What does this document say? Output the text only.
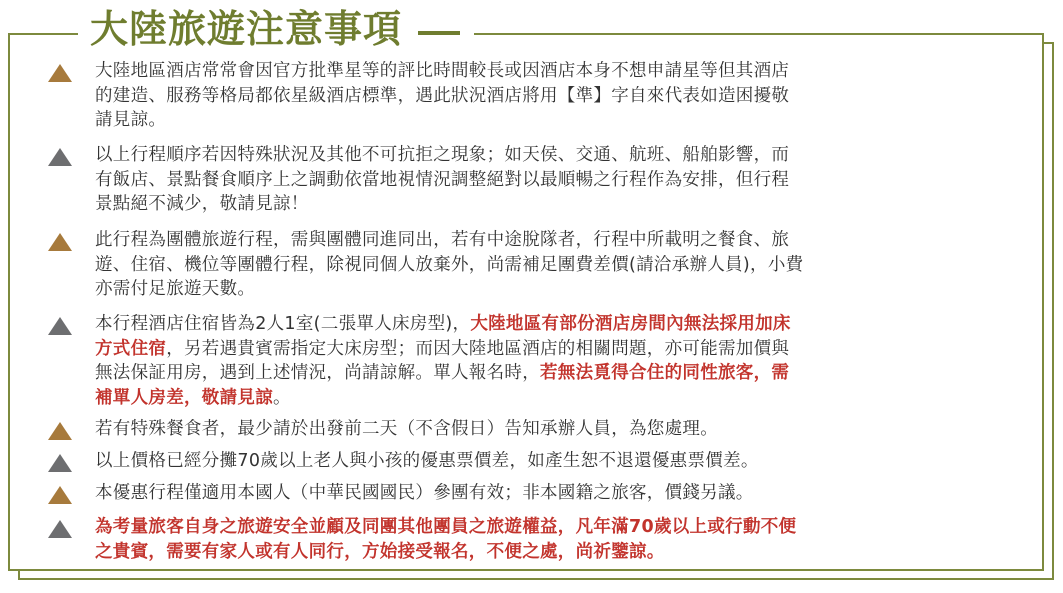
大陸旅遊注意事項
大陸地區酒店常常會因官方批準星等的評比時間較長或因酒店本身不想申請星等但其酒店
的建造、服務等格局都依星級酒店標準，遇此狀況酒店將用【準】字自來代表如造困擾敬
請見諒。
以上行程順序若因特殊狀況及其他不可抗拒之現象；如天侯、交通、航班、船舶影響，而
有飯店、景點餐食順序上之調動依當地視情況調整絕對以最順暢之行程作為安排，但行程
景點絕不減少，敬請見諒！
此行程為團體旅遊行程，需與團體同進同出，若有中途脫隊者，行程中所載明之餐食、旅
遊、住宿、機位等團體行程，除視同個人放棄外，尚需補足團費差價(請洽承辦人員)，小費
亦需付足旅遊天數。
本行程酒店住宿皆為2人1室(二張單人床房型)，大陸地區有部份酒店房間內無法採用加床
方式住宿，另若遇貴賓需指定大床房型；而因大陸地區酒店的相關問題，亦可能需加價與
無法保証用房，遇到上述情況，尚請諒解。單人報名時，若無法覓得合住的同性旅客，需
補單人房差，敬請見諒。
若有特殊餐食者，最少請於出發前二天（不含假日）告知承辦人員，為您處理。
以上價格已經分攤70歲以上老人與小孩的優惠票價差，如產生恕不退還優惠票價差。
本優惠行程僅適用本國人（中華民國國民）參團有效；非本國籍之旅客，價錢另議。
為考量旅客自身之旅遊安全並顧及同團其他團員之旅遊權益，凡年滿70歲以上或行動不便
之貴賓，需要有家人或有人同行，方始接受報名，不便之處，尚祈鑒諒。
